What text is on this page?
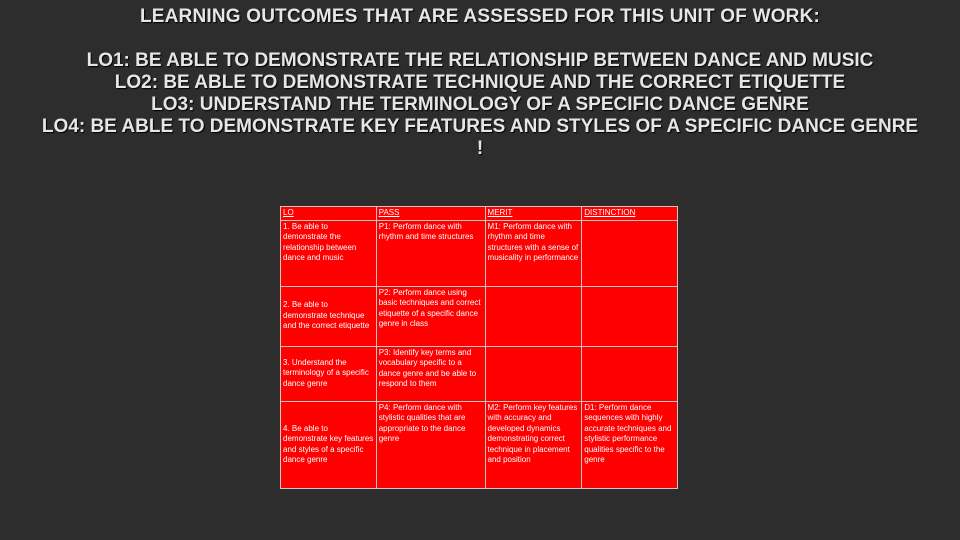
LEARNING OUTCOMES THAT ARE ASSESSED FOR THIS UNIT OF WORK:
LO1: BE ABLE TO DEMONSTRATE THE RELATIONSHIP BETWEEN DANCE AND MUSIC
LO2: BE ABLE TO DEMONSTRATE TECHNIQUE AND THE CORRECT ETIQUETTE
LO3: UNDERSTAND THE TERMINOLOGY OF A SPECIFIC DANCE GENRE
LO4: BE ABLE TO DEMONSTRATE KEY FEATURES AND STYLES OF A SPECIFIC DANCE GENRE
!
LO	PASS	MERIT	DISTINCTION
1. Be able to demonstrate the relationship between dance and music	P1: Perform dance with rhythm and time structures	M1: Perform dance with rhythm and time structures with a sense of musicality in performance	
2. Be able to demonstrate technique and the correct etiquette	P2: Perform dance using basic techniques and correct etiquette of a specific dance genre in class		
3. Understand the terminology of a specific dance genre	P3: Identify key terms and vocabulary specific to a dance genre and be able to respond to them		
4. Be able to demonstrate key features and styles of a specific dance genre	P4: Perform dance with stylistic qualities that are appropriate to the dance genre	M2: Perform key features with accuracy and developed dynamics demonstrating correct technique in placement and position	D1: Perform dance sequences with highly accurate techniques and stylistic performance qualities specific to the genre
